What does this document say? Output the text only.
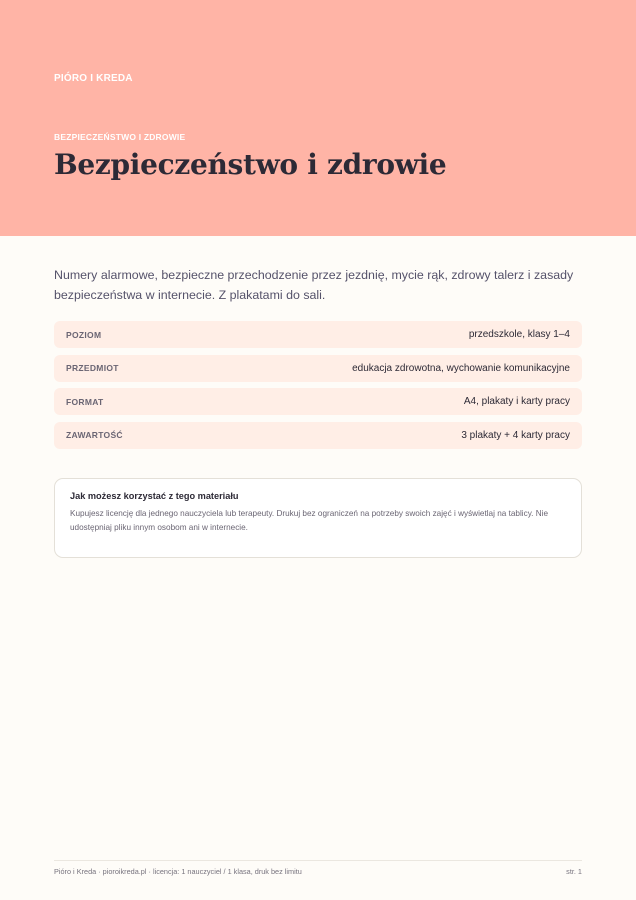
PIÓRO I KREDA
BEZPIECZEŃSTWO I ZDROWIE
Bezpieczeństwo i zdrowie

Numery alarmowe, bezpieczne przechodzenie przez jezdnię, mycie rąk, zdrowy talerz i zasady bezpieczeństwa w internecie. Z plakatami do sali.

POZIOM	przedszkole, klasy 1–4
PRZEDMIOT	edukacja zdrowotna, wychowanie komunikacyjne
FORMAT	A4, plakaty i karty pracy
ZAWARTOŚĆ	3 plakaty + 4 karty pracy
Jak możesz korzystać z tego materiału

Kupujesz licencję dla jednego nauczyciela lub terapeuty. Drukuj bez ograniczeń na potrzeby swoich zajęć i wyświetlaj na tablicy. Nie udostępniaj pliku innym osobom ani w internecie.

Pióro i Kreda · pioroikreda.pl · licencja: 1 nauczyciel / 1 klasa, druk bez limitu	str. 1
